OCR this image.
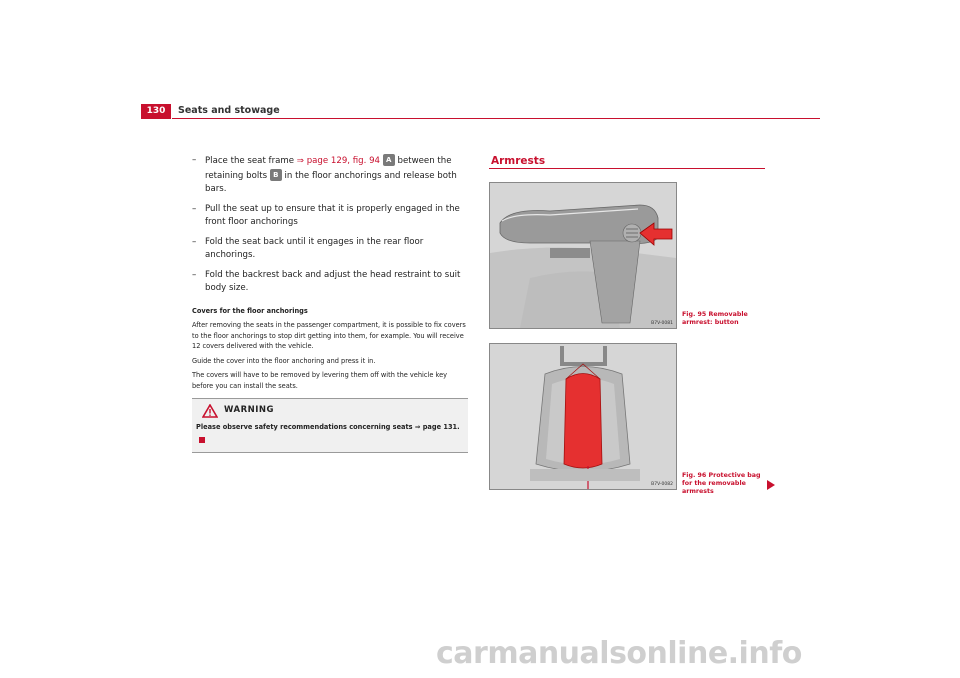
130	Seats and stowage
– Place the seat frame ⇒ page 129, fig. 94 A between the retaining bolts B in the floor anchorings and release both bars.
– Pull the seat up to ensure that it is properly engaged in the front floor anchorings
– Fold the seat back until it engages in the rear floor anchorings.
– Fold the backrest back and adjust the head restraint to suit body size.

Covers for the floor anchorings

After removing the seats in the passenger compartment, it is possible to fix covers to the floor anchorings to stop dirt getting into them, for example. You will receive 12 covers delivered with the vehicle.

Guide the cover into the floor anchoring and press it in.

The covers will have to be removed by levering them off with the vehicle key before you can install the seats.

WARNING
Please observe safety recommendations concerning seats ⇒ page 131.
Armrests
B7V-0081
B7V-0082
Fig. 95 Removable armrest: button
Fig. 96 Protective bag for the removable armrests
carmanualsonline.info
